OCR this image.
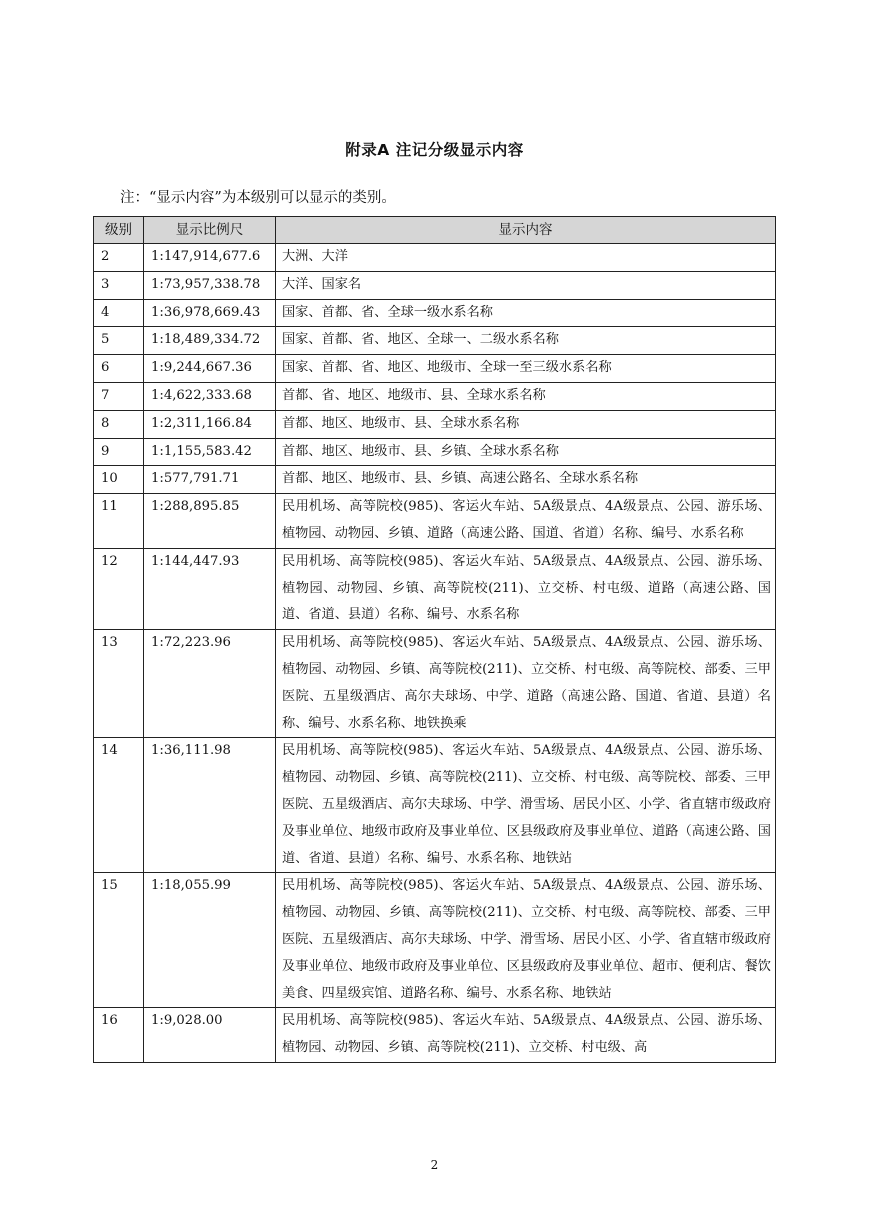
附录A 注记分级显示内容
注：“显示内容”为本级别可以显示的类别。
级别	显示比例尺	显示内容
2	1:147,914,677.6	大洲、大洋
3	1:73,957,338.78	大洋、国家名
4	1:36,978,669.43	国家、首都、省、全球一级水系名称
5	1:18,489,334.72	国家、首都、省、地区、全球一、二级水系名称
6	1:9,244,667.36	国家、首都、省、地区、地级市、全球一至三级水系名称
7	1:4,622,333.68	首都、省、地区、地级市、县、全球水系名称
8	1:2,311,166.84	首都、地区、地级市、县、全球水系名称
9	1:1,155,583.42	首都、地区、地级市、县、乡镇、全球水系名称
10	1:577,791.71	首都、地区、地级市、县、乡镇、高速公路名、全球水系名称
11	1:288,895.85	民用机场、高等院校(985)、客运火车站、5A级景点、4A级景点、公园、游乐场、植物园、动物园、乡镇、道路（高速公路、国道、省道）名称、编号、水系名称
12	1:144,447.93	民用机场、高等院校(985)、客运火车站、5A级景点、4A级景点、公园、游乐场、植物园、动物园、乡镇、高等院校(211)、立交桥、村屯级、道路（高速公路、国道、省道、县道）名称、编号、水系名称
13	1:72,223.96	民用机场、高等院校(985)、客运火车站、5A级景点、4A级景点、公园、游乐场、植物园、动物园、乡镇、高等院校(211)、立交桥、村屯级、高等院校、部委、三甲医院、五星级酒店、高尔夫球场、中学、道路（高速公路、国道、省道、县道）名称、编号、水系名称、地铁换乘
14	1:36,111.98	民用机场、高等院校(985)、客运火车站、5A级景点、4A级景点、公园、游乐场、植物园、动物园、乡镇、高等院校(211)、立交桥、村屯级、高等院校、部委、三甲医院、五星级酒店、高尔夫球场、中学、滑雪场、居民小区、小学、省直辖市级政府及事业单位、地级市政府及事业单位、区县级政府及事业单位、道路（高速公路、国道、省道、县道）名称、编号、水系名称、地铁站
15	1:18,055.99	民用机场、高等院校(985)、客运火车站、5A级景点、4A级景点、公园、游乐场、植物园、动物园、乡镇、高等院校(211)、立交桥、村屯级、高等院校、部委、三甲医院、五星级酒店、高尔夫球场、中学、滑雪场、居民小区、小学、省直辖市级政府及事业单位、地级市政府及事业单位、区县级政府及事业单位、超市、便利店、餐饮美食、四星级宾馆、道路名称、编号、水系名称、地铁站
16	1:9,028.00	民用机场、高等院校(985)、客运火车站、5A级景点、4A级景点、公园、游乐场、植物园、动物园、乡镇、高等院校(211)、立交桥、村屯级、高
2
